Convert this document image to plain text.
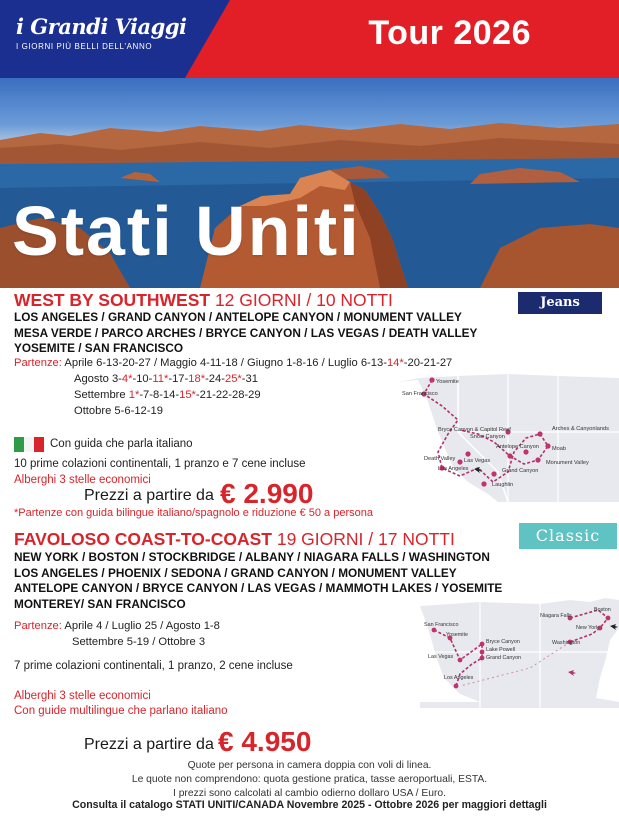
i Grandi Viaggi
I GIORNI PIÙ BELLI DELL'ANNO	Tour 2026
Stati Uniti
WEST BY SOUTHWEST 12 GIORNI / 10 NOTTI	Jeans
LOS ANGELES / GRAND CANYON / ANTELOPE CANYON / MONUMENT VALLEY
MESA VERDE / PARCO ARCHES / BRYCE CANYON / LAS VEGAS / DEATH VALLEY
YOSEMITE / SAN FRANCISCO
Partenze: Aprile 6-13-20-27 / Maggio 4-11-18 / Giugno 1-8-16 / Luglio 6-13-14*-20-21-27
Agosto 3-4*-10-11*-17-18*-24-25*-31
Settembre 1*-7-8-14-15*-21-22-28-29
Ottobre 5-6-12-19
Yosemite
San Francisco
Bryce Canyon & Capitol Reef
Snow Canyon
Arches & Canyonlands
Antelope Canyon Moab
Monument Valley
Death Valley Las Vegas
Los Angeles	Grand Canyon
Laughlin
Con guida che parla italiano
10 prime colazioni continentali, 1 pranzo e 7 cene incluse
Alberghi 3 stelle economici
Prezzi a partire da € 2.990
*Partenze con guida bilingue italiano/spagnolo e riduzione € 50 a persona
FAVOLOSO COAST-TO-COAST 19 GIORNI / 17 NOTTI	Classic
NEW YORK / BOSTON / STOCKBRIDGE / ALBANY / NIAGARA FALLS / WASHINGTON
LOS ANGELES / PHOENIX / SEDONA / GRAND CANYON / MONUMENT VALLEY
ANTELOPE CANYON / BRYCE CANYON / LAS VEGAS / MAMMOTH LAKES / YOSEMITE
MONTEREY/ SAN FRANCISCO
Partenze: Aprile 4 / Luglio 25 / Agosto 1-8
Settembre 5-19 / Ottobre 3
Niagara Falls
Boston
New York
Washington
San Francisco
Yosemite
Bryce Canyon
Lake Powell
Grand Canyon
Las Vegas
Los Angeles
7 prime colazioni continentali, 1 pranzo, 2 cene incluse
Alberghi 3 stelle economici
Con guide multilingue che parlano italiano
Prezzi a partire da € 4.950
Quote per persona in camera doppia con voli di linea.
Le quote non comprendono: quota gestione pratica, tasse aeroportuali, ESTA.
I prezzi sono calcolati al cambio odierno dollaro USA / Euro.
Consulta il catalogo STATI UNITI/CANADA Novembre 2025 - Ottobre 2026 per maggiori dettagli
